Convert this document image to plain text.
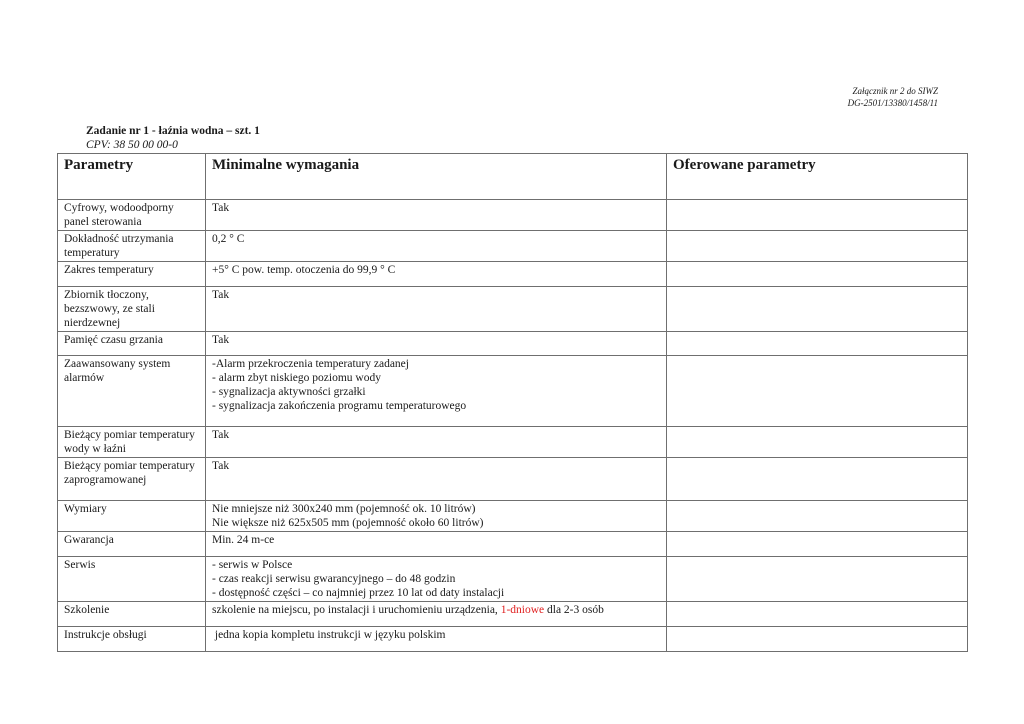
Załącznik nr 2 do SIWZ
DG-2501/13380/1458/11
Zadanie nr 1 - łaźnia wodna – szt. 1
CPV: 38 50 00 00-0
Parametry	Minimalne wymagania	Oferowane parametry
Cyfrowy, wodoodporny panel sterowania	Tak	

Dokładność utrzymania temperatury	0,2 ° C	

Zakres temperatury	+5° C pow. temp. otoczenia do 99,9 ° C	

Zbiornik tłoczony, bezszwowy, ze stali nierdzewnej	Tak	

Pamięć czasu grzania	Tak	

Zaawansowany system alarmów	-Alarm przekroczenia temperatury zadanej
- alarm zbyt niskiego poziomu wody
- sygnalizacja aktywności grzałki
- sygnalizacja zakończenia programu temperaturowego	

Bieżący pomiar temperatury wody w łaźni	Tak	

Bieżący pomiar temperatury zaprogramowanej	Tak	

Wymiary	Nie mniejsze niż 300x240 mm (pojemność ok. 10 litrów)
Nie większe niż 625x505 mm (pojemność około 60 litrów)	

Gwarancja	Min. 24 m-ce	

Serwis	- serwis w Polsce
- czas reakcji serwisu gwarancyjnego – do 48 godzin
- dostępność części – co najmniej przez 10 lat od daty instalacji	

Szkolenie	szkolenie na miejscu, po instalacji i uruchomieniu urządzenia, 1-dniowe dla 2-3 osób	

Instrukcje obsługi	jedna kopia kompletu instrukcji w języku polskim	
